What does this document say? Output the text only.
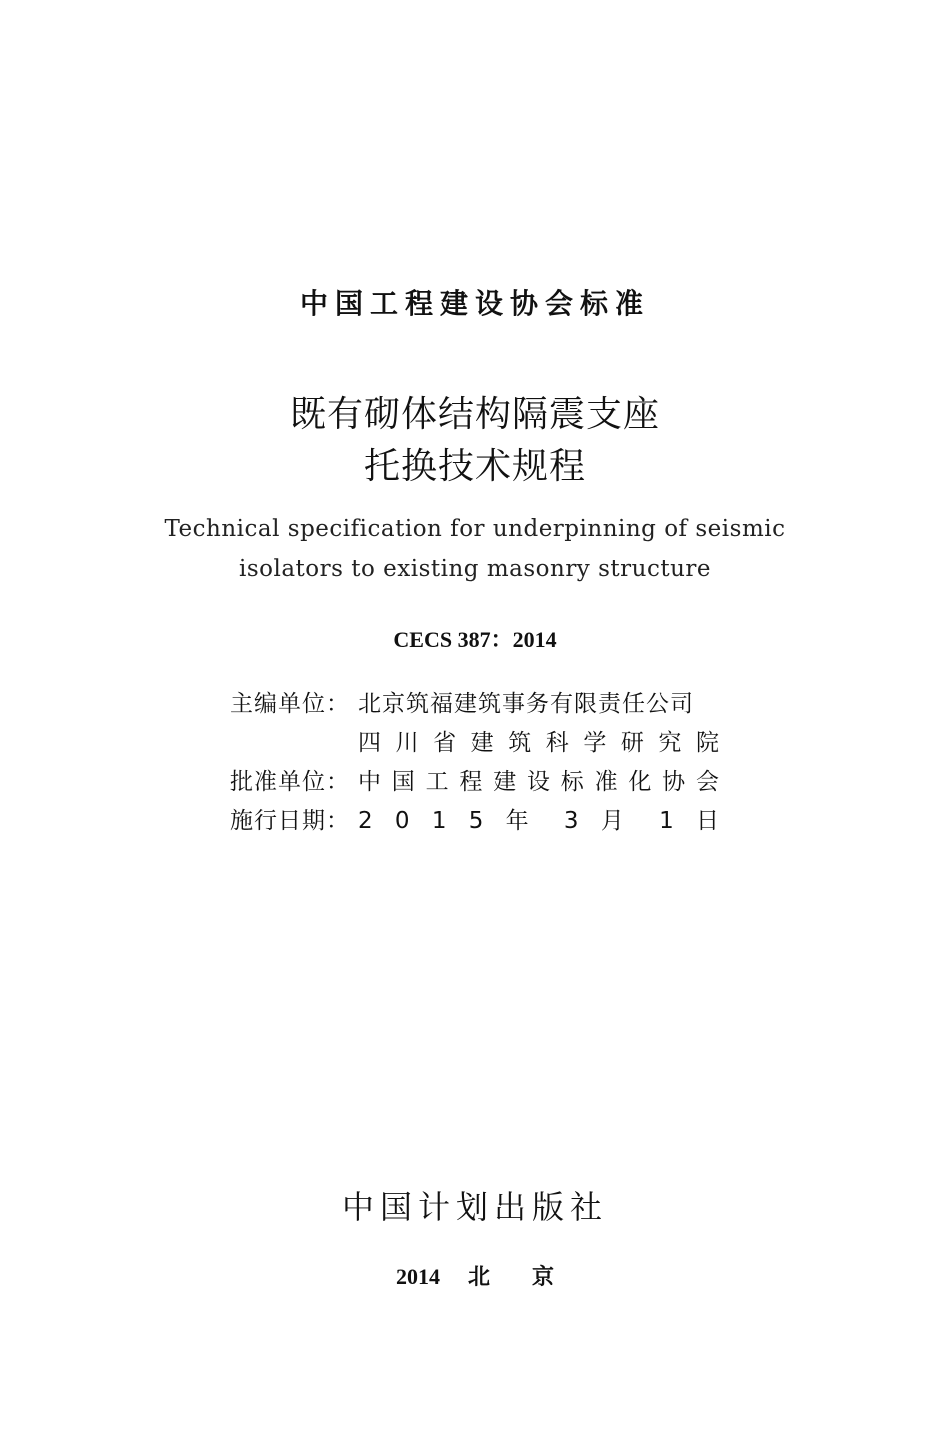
中国工程建设协会标准
既有砌体结构隔震支座
托换技术规程
Technical specification for underpinning of seismic
isolators to existing masonry structure
CECS 387：2014
主编单位： 北京筑福建筑事务有限责任公司
四 川 省 建 筑 科 学 研 究 院
批准单位： 中 国 工 程 建 设 标 准 化 协 会
施行日期： 2 0 1 5 年 3 月 1 日
中国计划出版社
2014 北 京
